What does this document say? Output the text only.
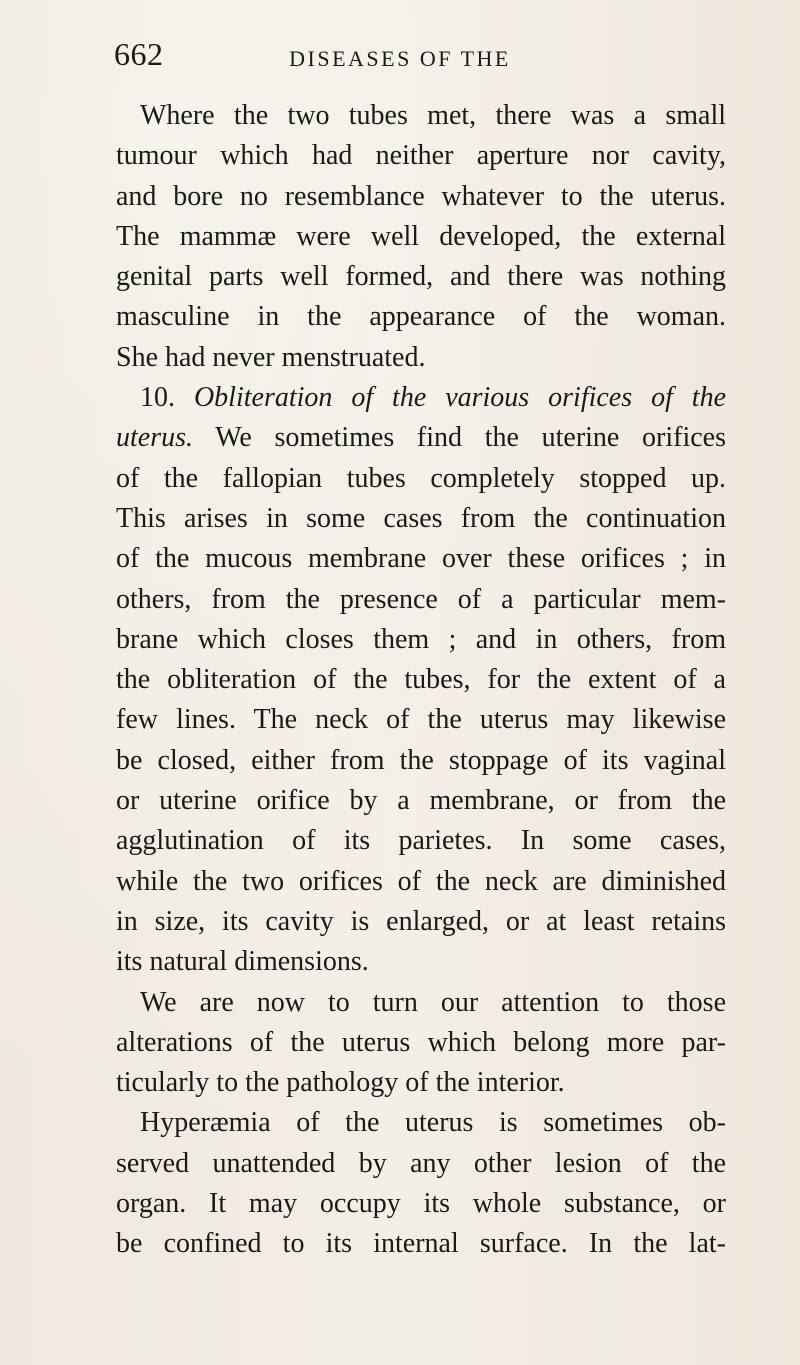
662	DISEASES OF THE
Where the two tubes met, there was a small
tumour which had neither aperture nor cavity,
and bore no resemblance whatever to the uterus.
The mammæ were well developed, the external
genital parts well formed, and there was nothing
masculine in the appearance of the woman.
She had never menstruated.
10. Obliteration of the various orifices of the
uterus. We sometimes find the uterine orifices
of the fallopian tubes completely stopped up.
This arises in some cases from the continuation
of the mucous membrane over these orifices ; in
others, from the presence of a particular mem-
brane which closes them ; and in others, from
the obliteration of the tubes, for the extent of a
few lines. The neck of the uterus may likewise
be closed, either from the stoppage of its vaginal
or uterine orifice by a membrane, or from the
agglutination of its parietes. In some cases,
while the two orifices of the neck are diminished
in size, its cavity is enlarged, or at least retains
its natural dimensions.
We are now to turn our attention to those
alterations of the uterus which belong more par-
ticularly to the pathology of the interior.
Hyperæmia of the uterus is sometimes ob-
served unattended by any other lesion of the
organ. It may occupy its whole substance, or
be confined to its internal surface. In the lat-
